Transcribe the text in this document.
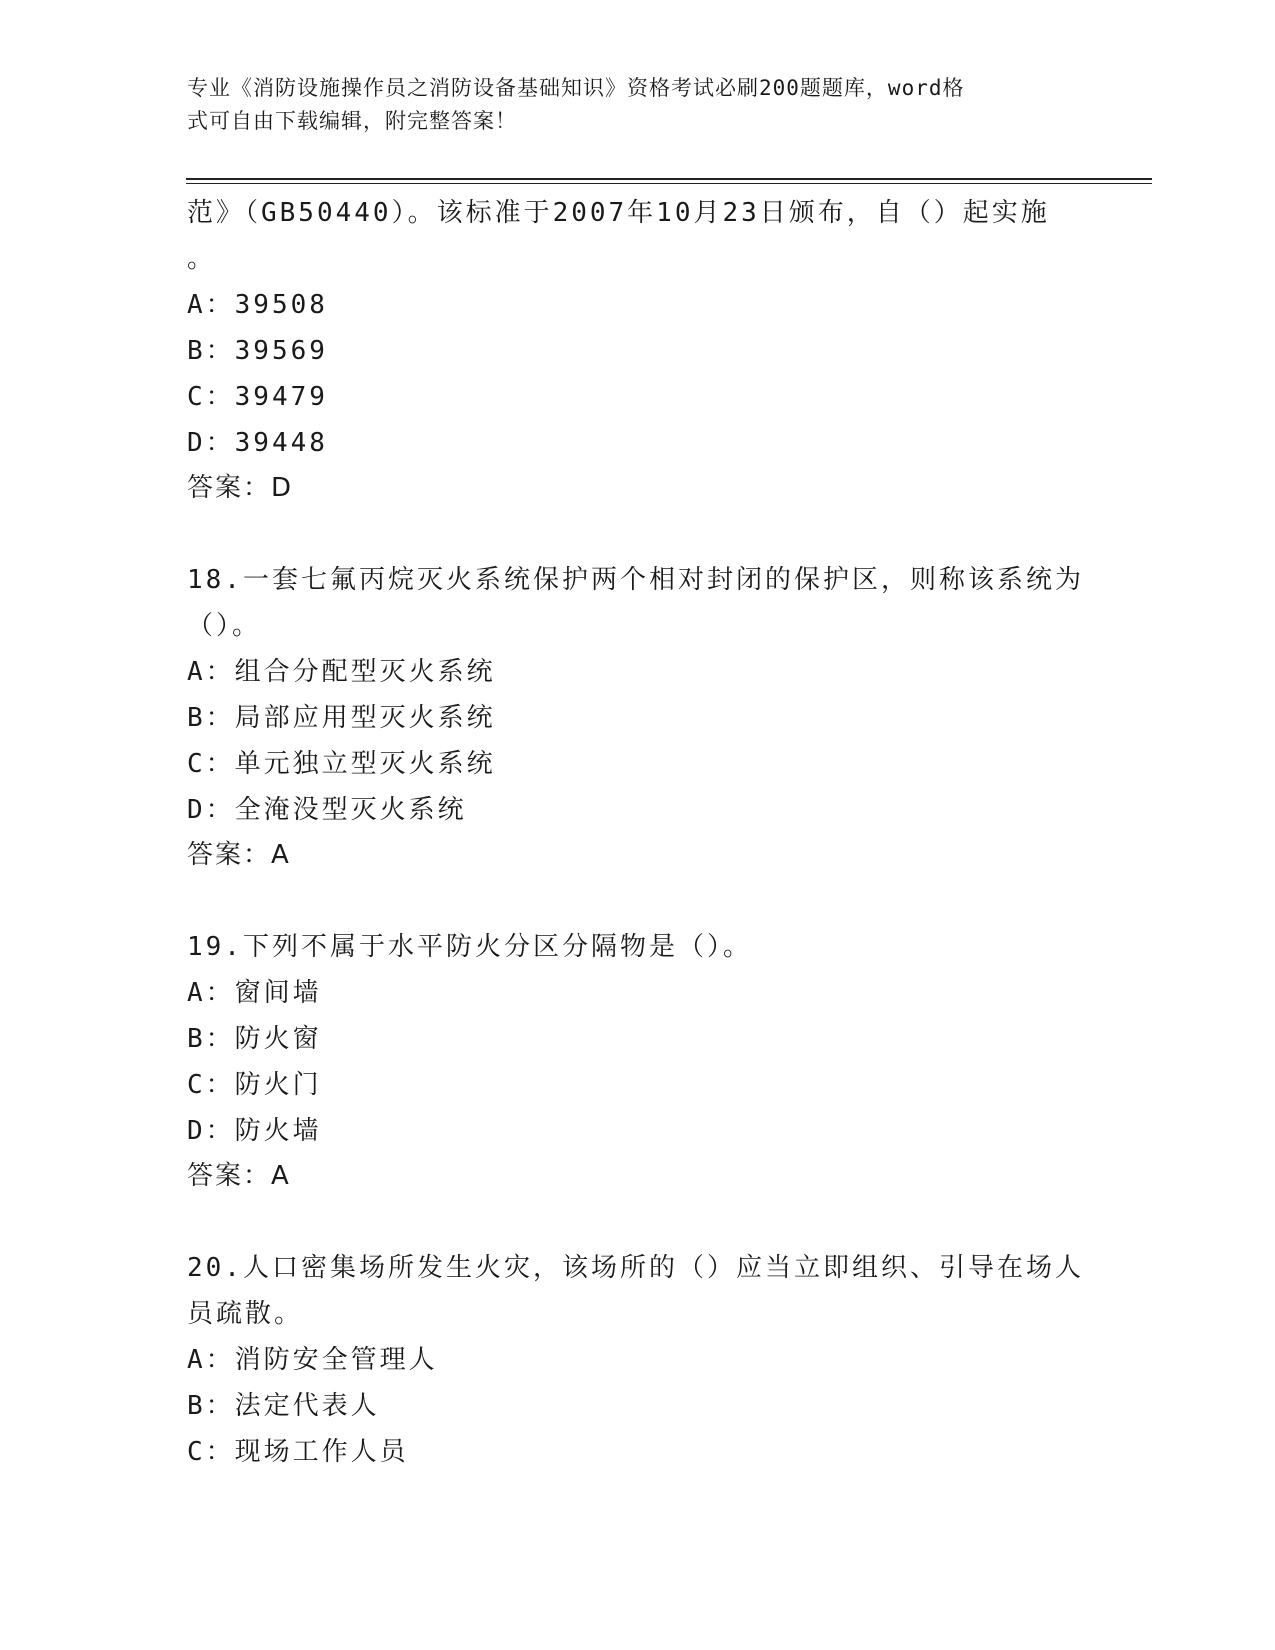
专业《消防设施操作员之消防设备基础知识》资格考试必刷200题题库，word格
式可自由下载编辑，附完整答案！
范》（GB50440）。该标准于2007年10月23日颁布，自（）起实施
。
A：39508
B：39569
C：39479
D：39448
答案：D
18.一套七氟丙烷灭火系统保护两个相对封闭的保护区，则称该系统为
（）。
A：组合分配型灭火系统
B：局部应用型灭火系统
C：单元独立型灭火系统
D：全淹没型灭火系统
答案：A
19.下列不属于水平防火分区分隔物是（）。
A：窗间墙
B：防火窗
C：防火门
D：防火墙
答案：A
20.人口密集场所发生火灾，该场所的（）应当立即组织、引导在场人
员疏散。
A：消防安全管理人
B：法定代表人
C：现场工作人员
